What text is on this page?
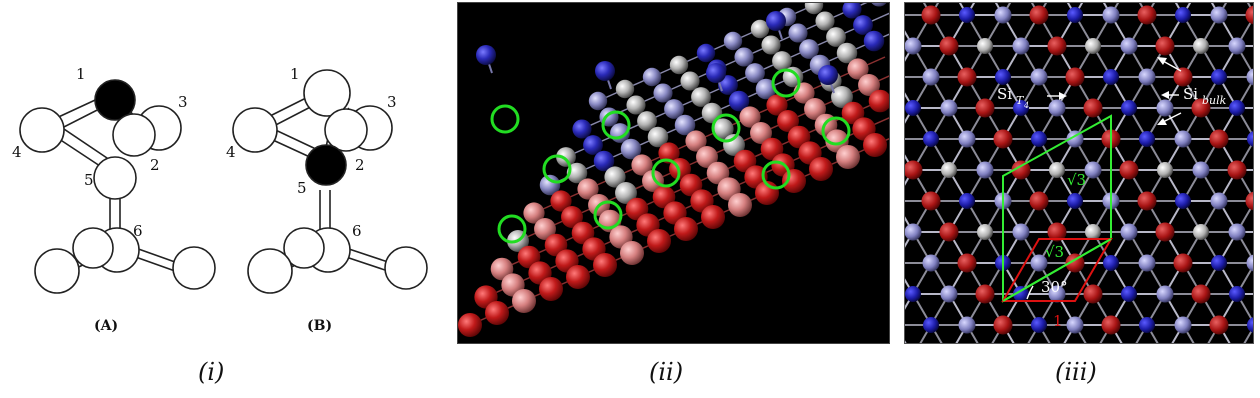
1
2
3
4
5
6
(A)
1
2
3
4
5
6
(B)
√3
√3
30°
1
Si T 4
Si bulk
(i)	(ii)	(iii)
